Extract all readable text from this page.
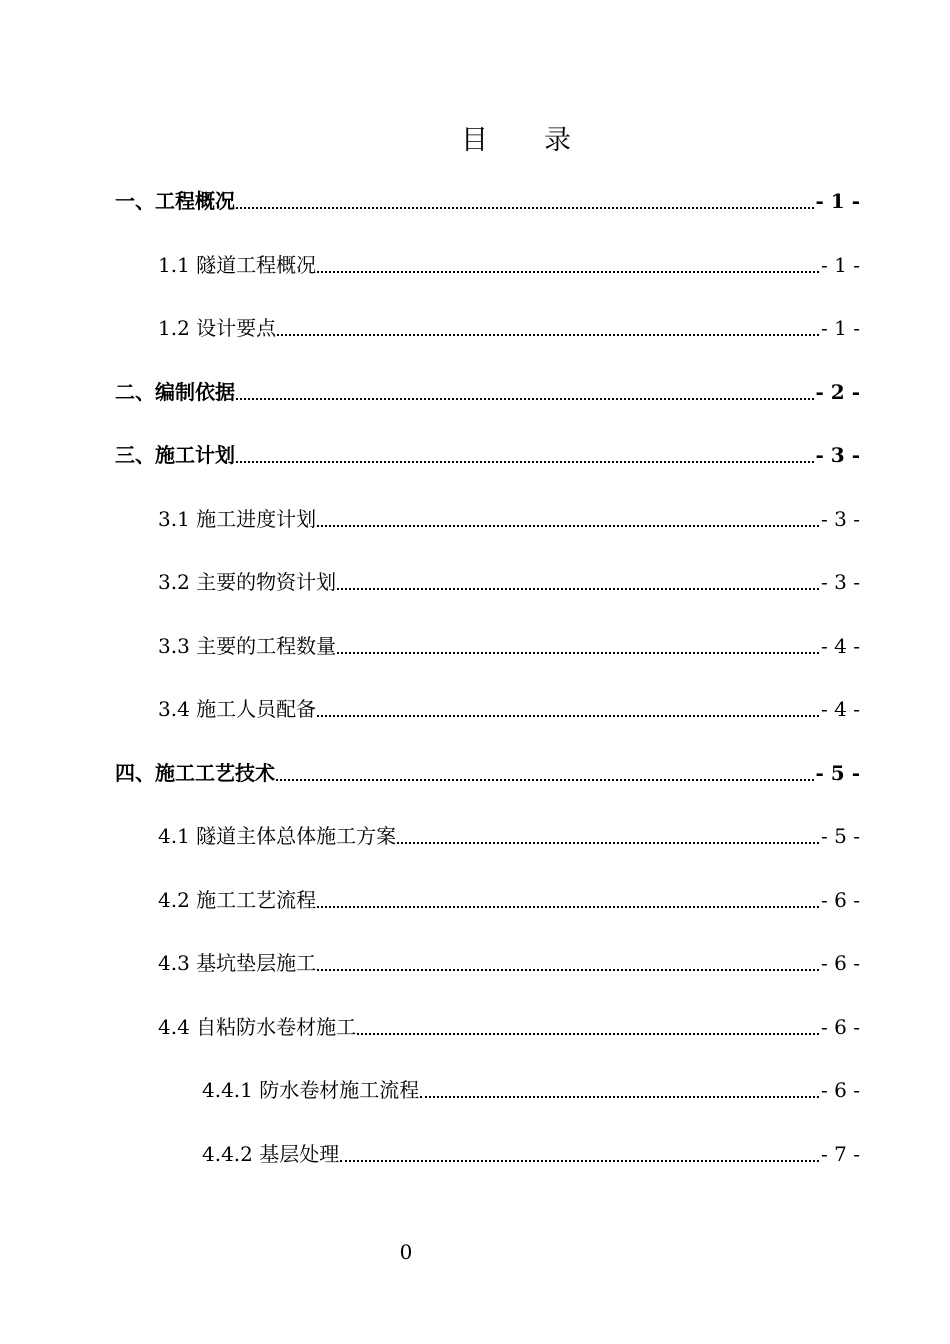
目 录
一、工程概况	- 1 -
1.1 隧道工程概况	- 1 -
1.2 设计要点	- 1 -
二、编制依据	- 2 -
三、施工计划	- 3 -
3.1 施工进度计划	- 3 -
3.2 主要的物资计划	- 3 -
3.3 主要的工程数量	- 4 -
3.4 施工人员配备	- 4 -
四、施工工艺技术	- 5 -
4.1 隧道主体总体施工方案	- 5 -
4.2 施工工艺流程	- 6 -
4.3 基坑垫层施工	- 6 -
4.4 自粘防水卷材施工	- 6 -
4.4.1 防水卷材施工流程	- 6 -
4.4.2 基层处理	- 7 -
0
